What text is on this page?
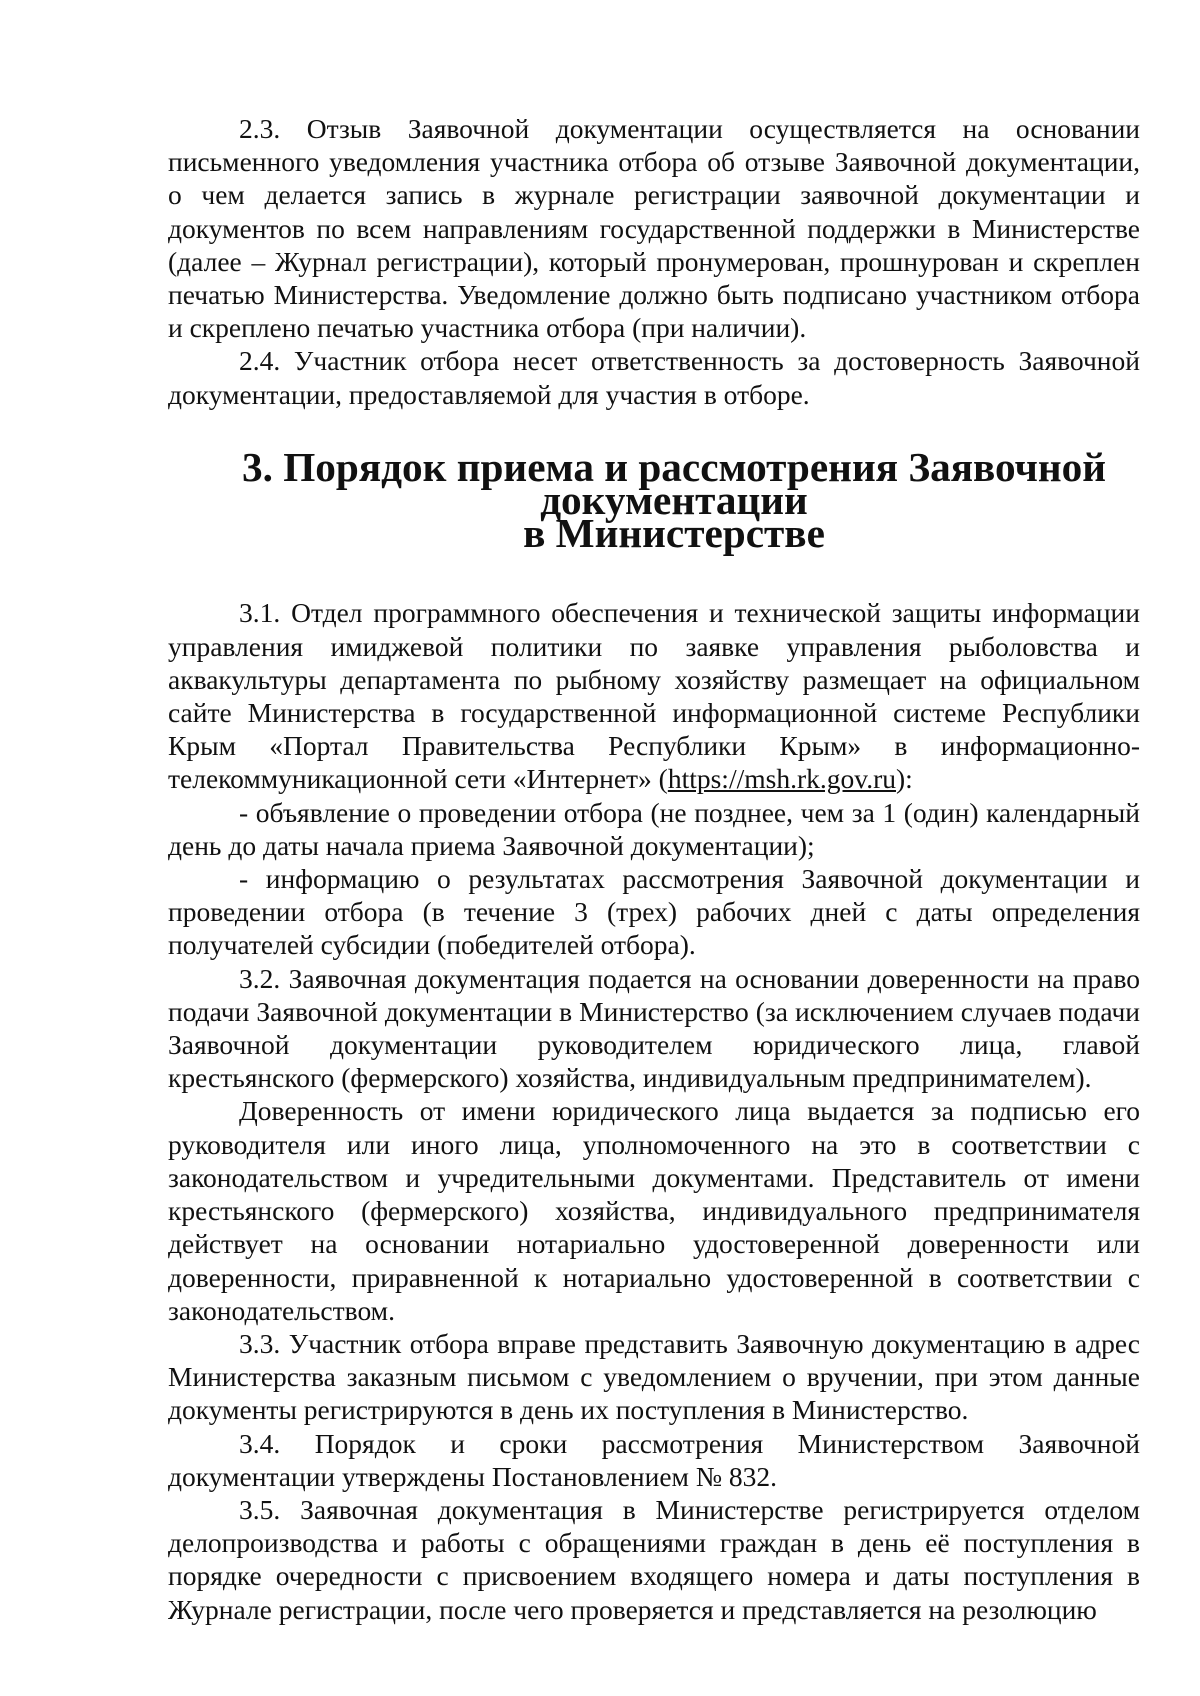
2.3. Отзыв Заявочной документации осуществляется на основании письменного уведомления участника отбора об отзыве Заявочной документации, о чем делается запись в журнале регистрации заявочной документации и документов по всем направлениям государственной поддержки в Министерстве (далее – Журнал регистрации), который пронумерован, прошнурован и скреплен печатью Министерства. Уведомление должно быть подписано участником отбора и скреплено печатью участника отбора (при наличии).

2.4. Участник отбора несет ответственность за достоверность Заявочной документации, предоставляемой для участия в отборе.

3. Порядок приема и рассмотрения Заявочной документации
в Министерстве

3.1. Отдел программного обеспечения и технической защиты информации управления имиджевой политики по заявке управления рыболовства и аквакультуры департамента по рыбному хозяйству размещает на официальном сайте Министерства в государственной информационной системе Республики Крым «Портал Правительства Республики Крым» в информационно-телекоммуникационной сети «Интернет» (https://msh.rk.gov.ru):

- объявление о проведении отбора (не позднее, чем за 1 (один) календарный день до даты начала приема Заявочной документации);

- информацию о результатах рассмотрения Заявочной документации и проведении отбора (в течение 3 (трех) рабочих дней с даты определения получателей субсидии (победителей отбора).

3.2. Заявочная документация подается на основании доверенности на право подачи Заявочной документации в Министерство (за исключением случаев подачи Заявочной документации руководителем юридического лица, главой крестьянского (фермерского) хозяйства, индивидуальным предпринимателем).

Доверенность от имени юридического лица выдается за подписью его руководителя или иного лица, уполномоченного на это в соответствии с законодательством и учредительными документами. Представитель от имени крестьянского (фермерского) хозяйства, индивидуального предпринимателя действует на основании нотариально удостоверенной доверенности или доверенности, приравненной к нотариально удостоверенной в соответствии с законодательством.

3.3. Участник отбора вправе представить Заявочную документацию в адрес Министерства заказным письмом с уведомлением о вручении, при этом данные документы регистрируются в день их поступления в Министерство.

3.4. Порядок и сроки рассмотрения Министерством Заявочной документации утверждены Постановлением № 832.

3.5. Заявочная документация в Министерстве регистрируется отделом делопроизводства и работы с обращениями граждан в день её поступления в порядке очередности с присвоением входящего номера и даты поступления в Журнале регистрации, после чего проверяется и представляется на резолюцию
